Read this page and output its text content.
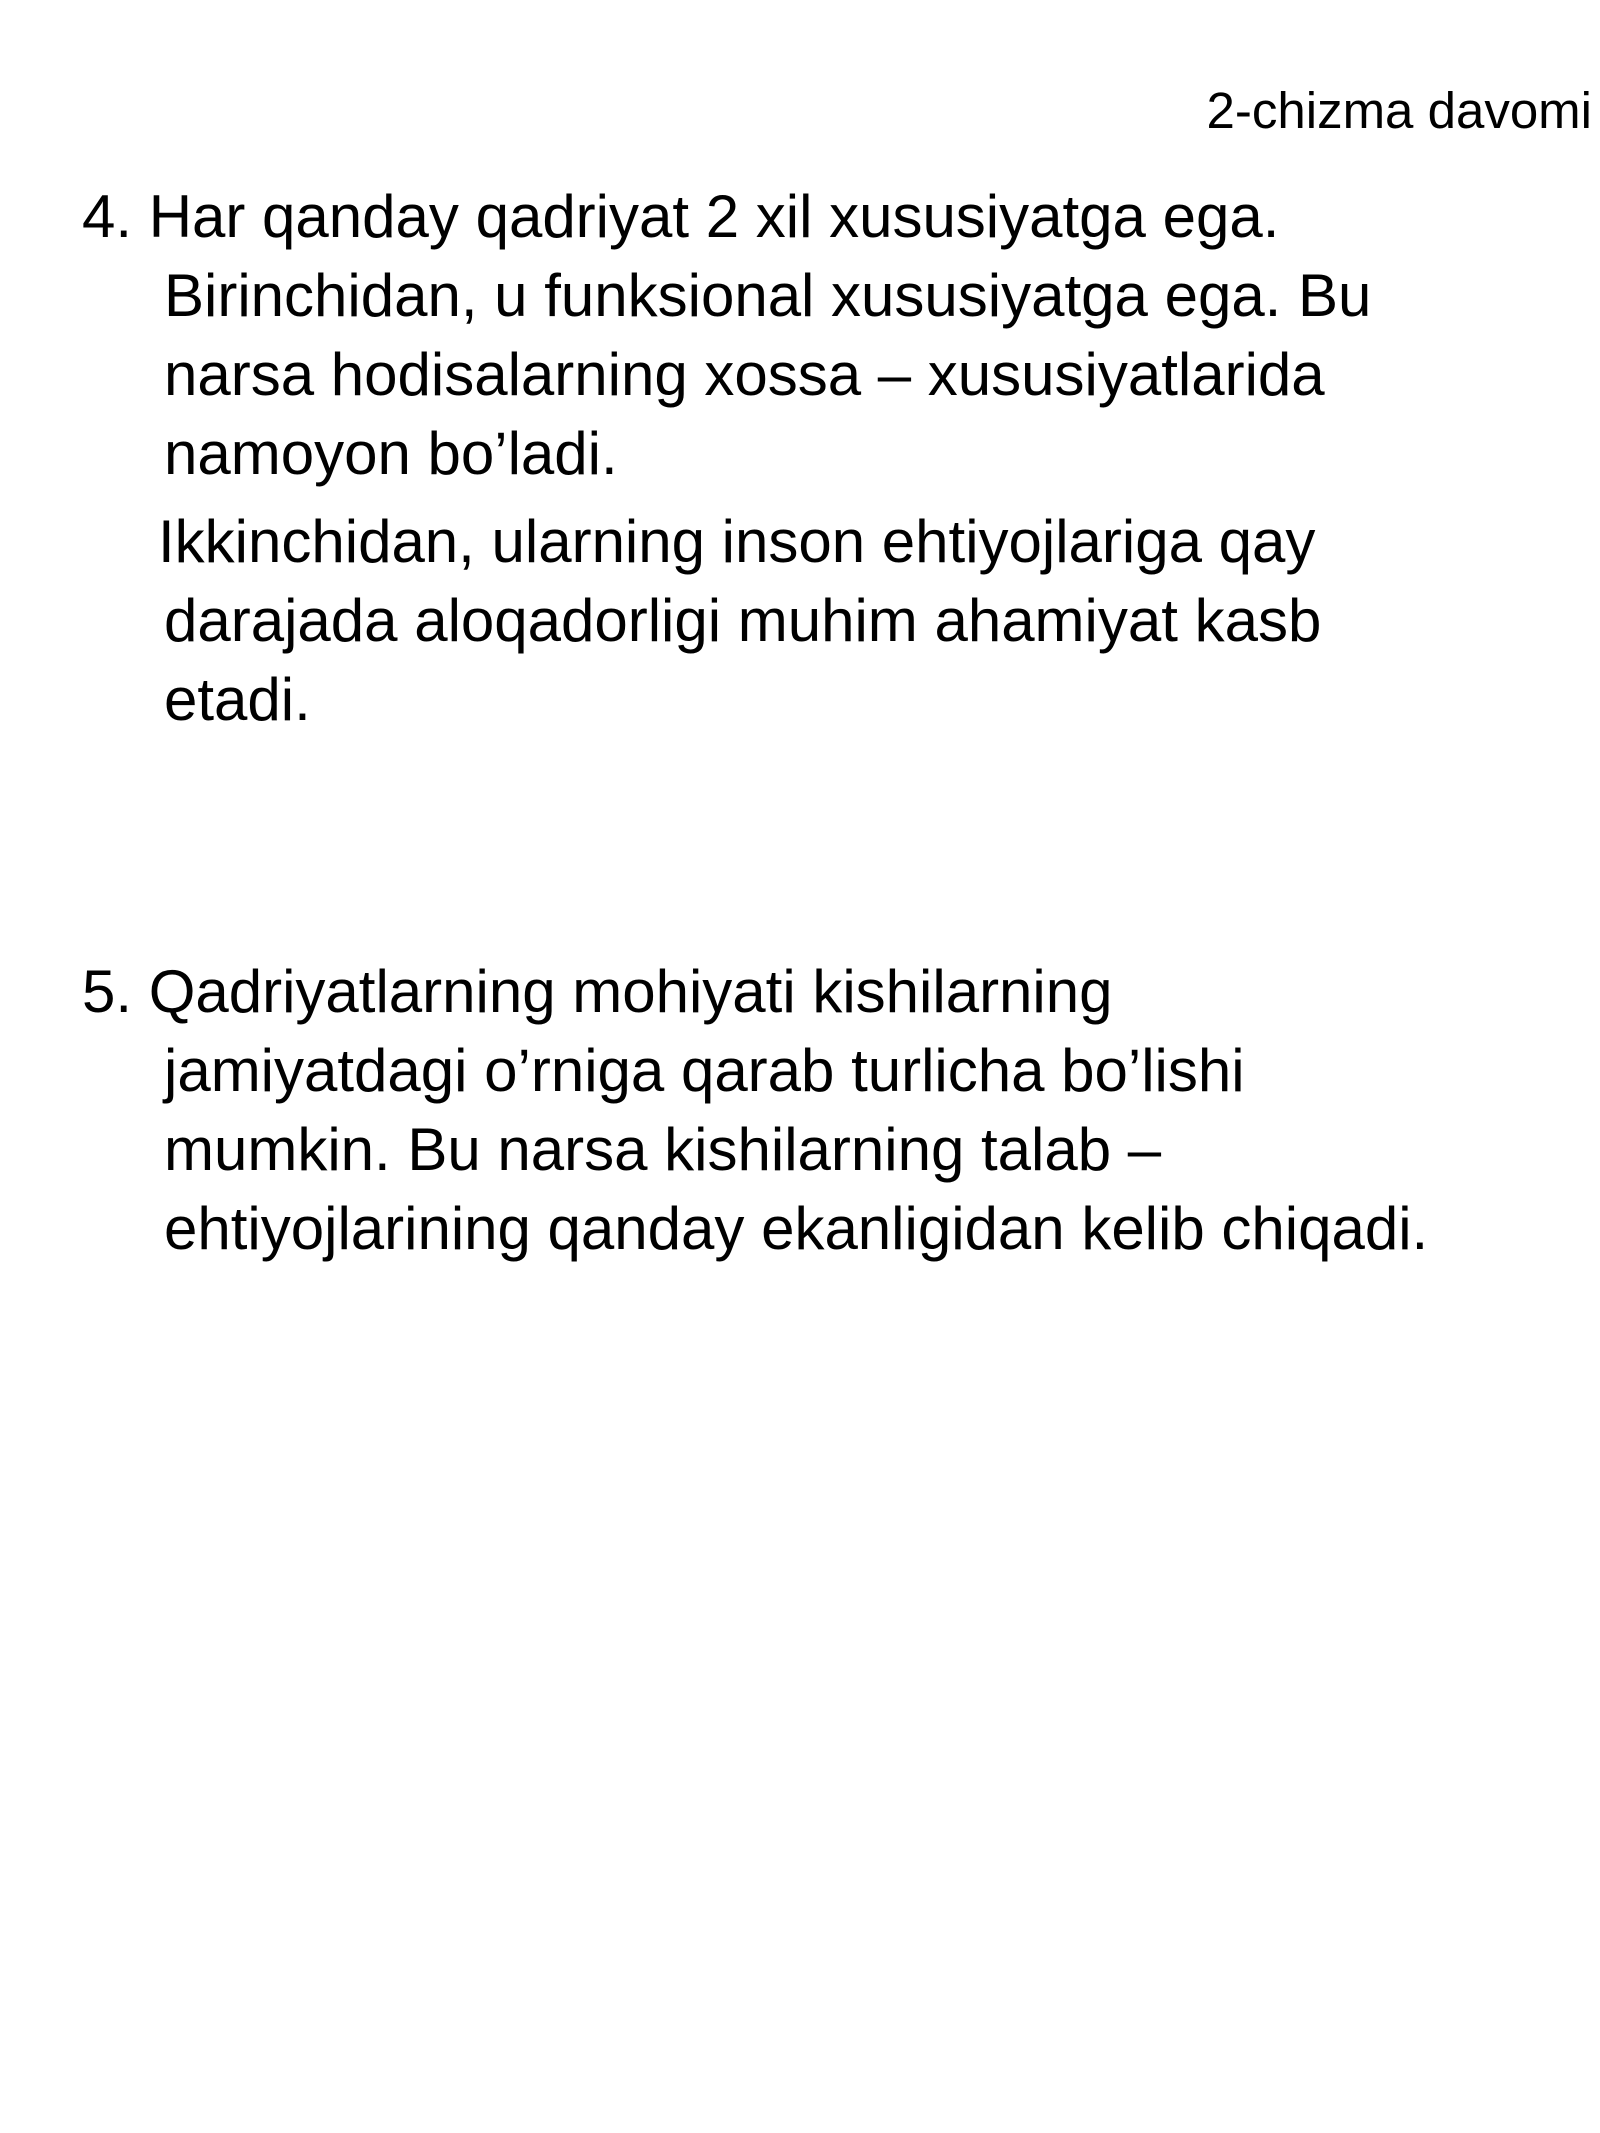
2-chizma davomi
4. Har qanday qadriyat 2 xil xususiyatga ega.
Birinchidan, u funksional xususiyatga ega. Bu
narsa hodisalarning xossa – xususiyatlarida
namoyon bo’ladi.
Ikkinchidan, ularning inson ehtiyojlariga qay
darajada aloqadorligi muhim ahamiyat kasb
etadi.
5. Qadriyatlarning mohiyati kishilarning
jamiyatdagi o’rniga qarab turlicha bo’lishi
mumkin. Bu narsa kishilarning talab –
ehtiyojlarining qanday ekanligidan kelib chiqadi.
